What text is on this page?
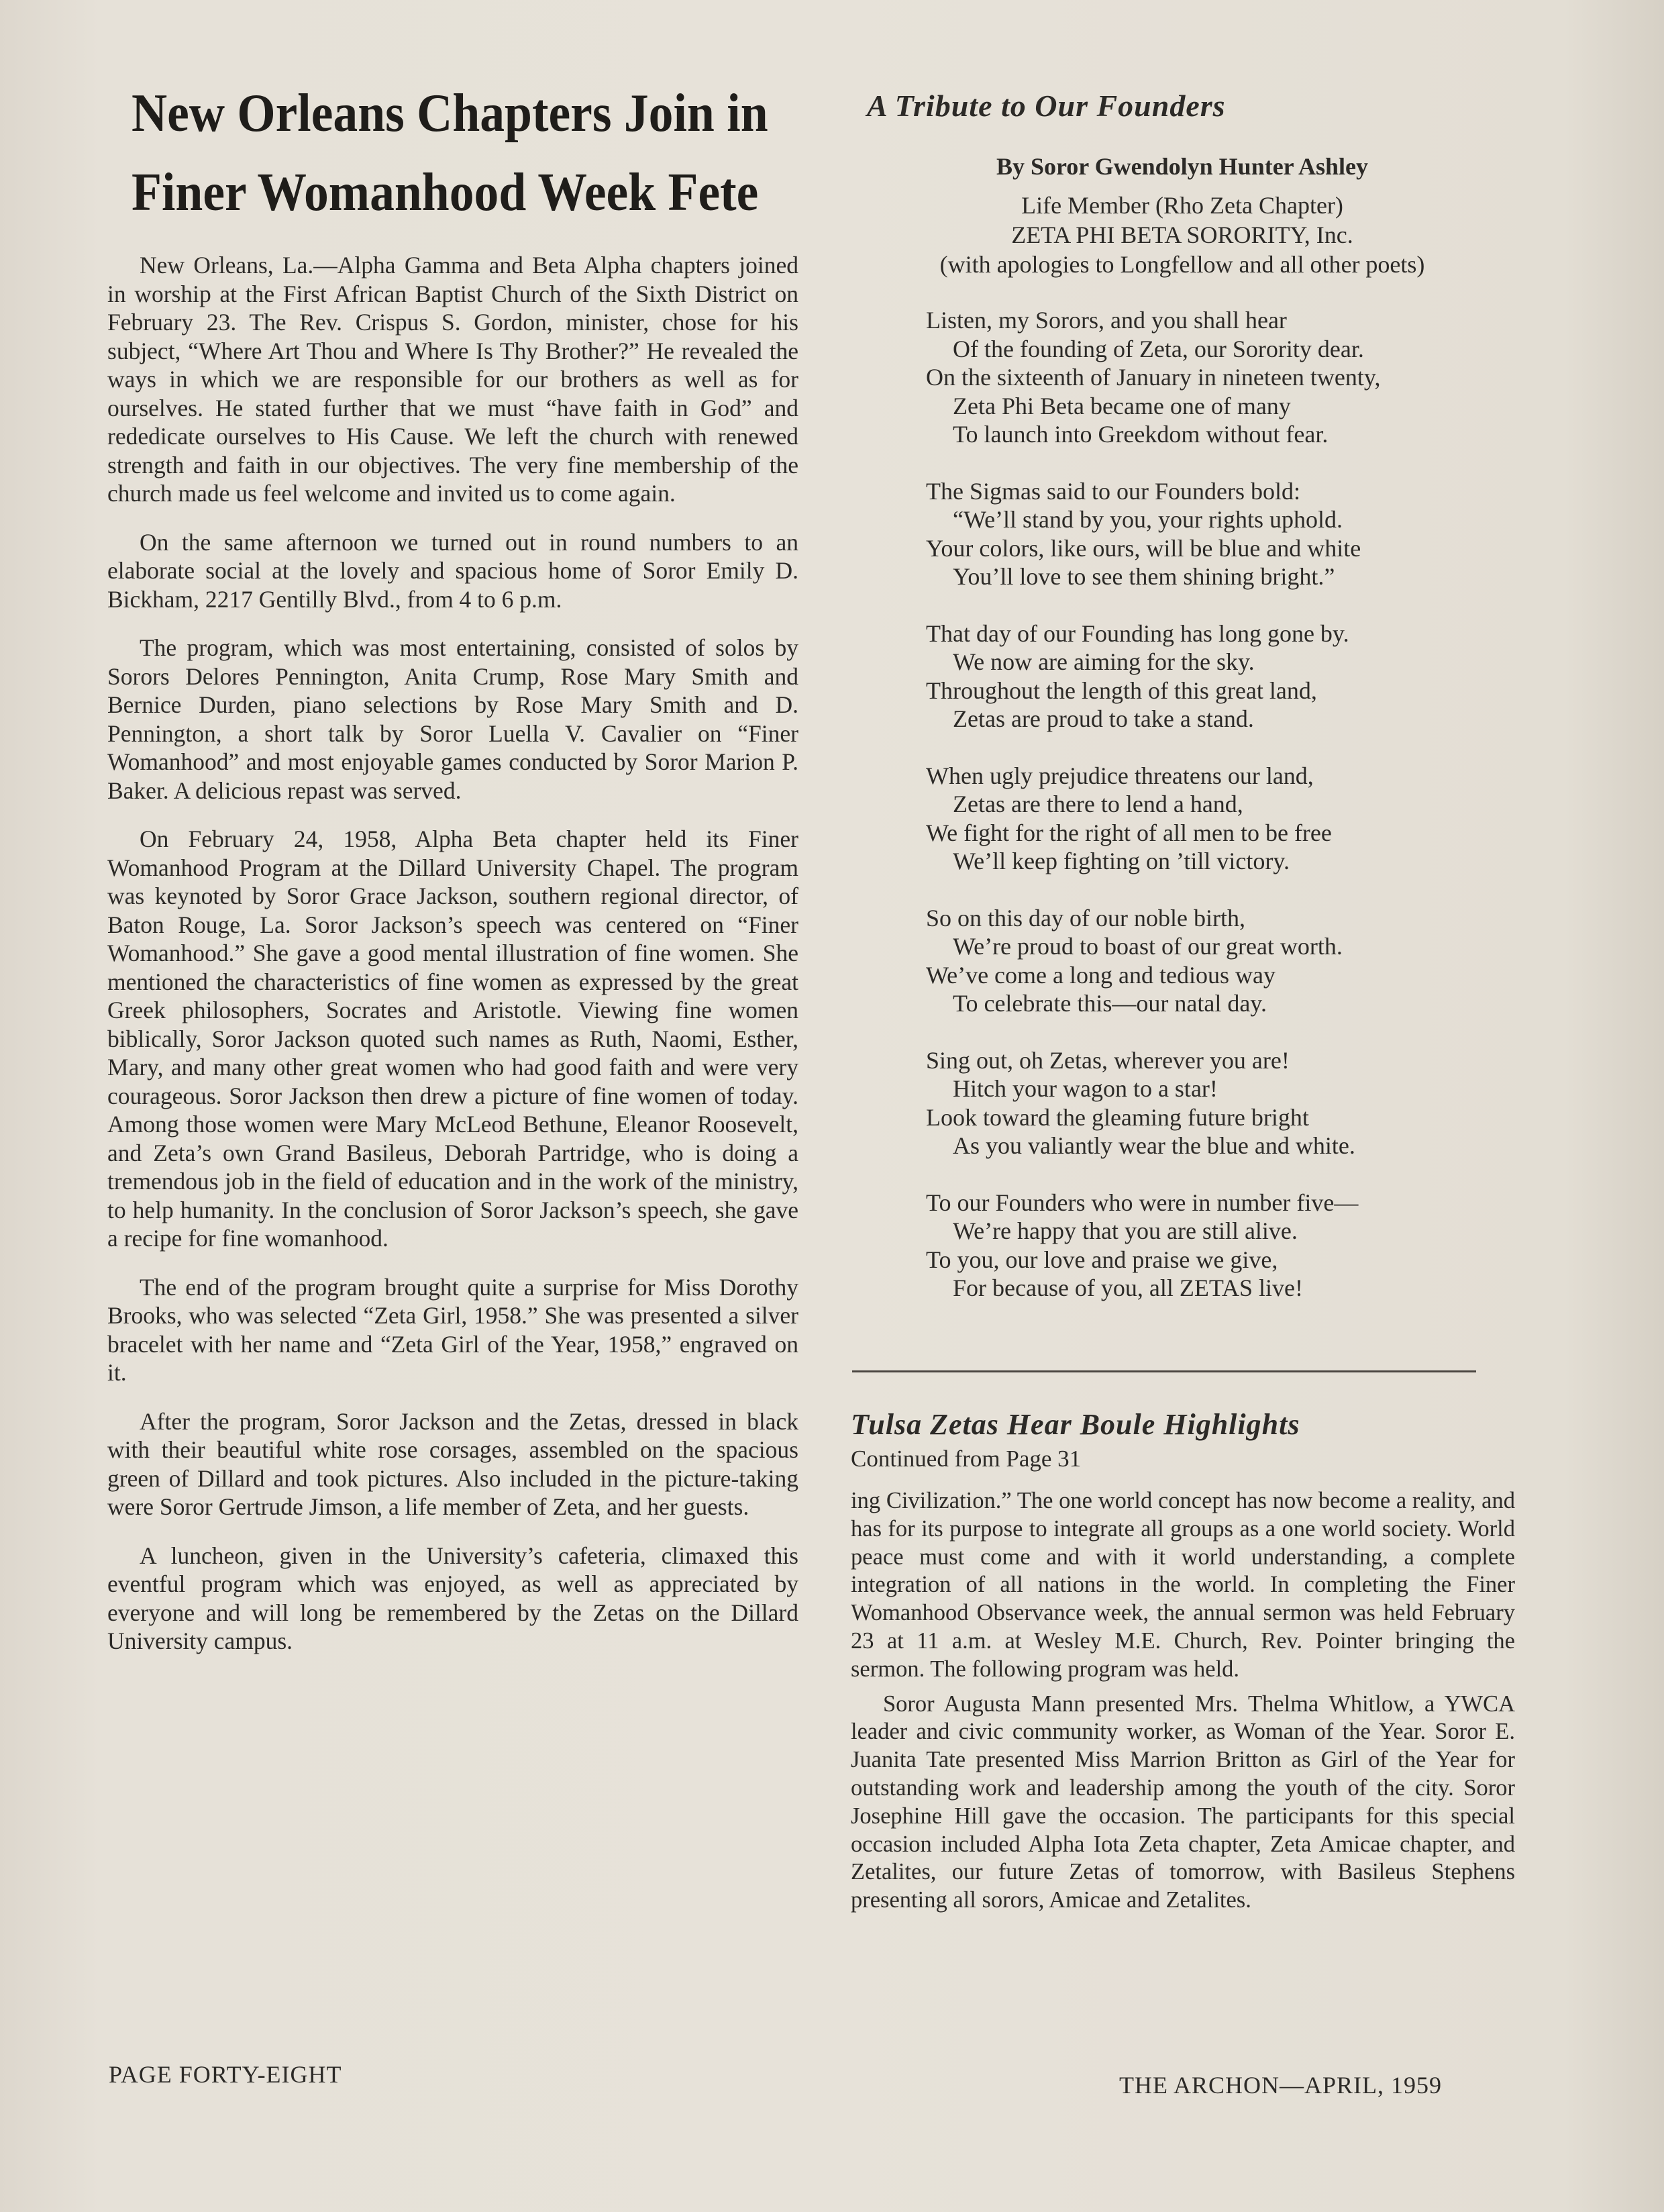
New Orleans Chapters Join in
Finer Womanhood Week Fete

New Orleans, La.—Alpha Gamma and Beta Alpha chapters joined in worship at the First African Baptist Church of the Sixth District on February 23. The Rev. Crispus S. Gordon, minister, chose for his subject, “Where Art Thou and Where Is Thy Brother?” He revealed the ways in which we are responsible for our brothers as well as for ourselves. He stated further that we must “have faith in God” and rededicate ourselves to His Cause. We left the church with renewed strength and faith in our objectives. The very fine membership of the church made us feel welcome and invited us to come again.

On the same afternoon we turned out in round numbers to an elaborate social at the lovely and spacious home of Soror Emily D. Bickham, 2217 Gentilly Blvd., from 4 to 6 p.m.

The program, which was most entertaining, consisted of solos by Sorors Delores Pennington, Anita Crump, Rose Mary Smith and Bernice Durden, piano selections by Rose Mary Smith and D. Pennington, a short talk by Soror Luella V. Cavalier on “Finer Womanhood” and most enjoyable games conducted by Soror Marion P. Baker. A delicious repast was served.

On February 24, 1958, Alpha Beta chapter held its Finer Womanhood Program at the Dillard University Chapel. The program was keynoted by Soror Grace Jackson, southern regional director, of Baton Rouge, La. Soror Jackson’s speech was centered on “Finer Womanhood.” She gave a good mental illustration of fine women. She mentioned the characteristics of fine women as expressed by the great Greek philosophers, Socrates and Aristotle. Viewing fine women biblically, Soror Jackson quoted such names as Ruth, Naomi, Esther, Mary, and many other great women who had good faith and were very courageous. Soror Jackson then drew a picture of fine women of today. Among those women were Mary McLeod Bethune, Eleanor Roosevelt, and Zeta’s own Grand Basileus, Deborah Partridge, who is doing a tremendous job in the field of education and in the work of the ministry, to help humanity. In the conclusion of Soror Jackson’s speech, she gave a recipe for fine womanhood.

The end of the program brought quite a surprise for Miss Dorothy Brooks, who was selected “Zeta Girl, 1958.” She was presented a silver bracelet with her name and “Zeta Girl of the Year, 1958,” engraved on it.

After the program, Soror Jackson and the Zetas, dressed in black with their beautiful white rose corsages, assembled on the spacious green of Dillard and took pictures. Also included in the picture-taking were Soror Gertrude Jimson, a life member of Zeta, and her guests.

A luncheon, given in the University’s cafeteria, climaxed this eventful program which was enjoyed, as well as appreciated by everyone and will long be remembered by the Zetas on the Dillard University campus.

A Tribute to Our Founders
By Soror Gwendolyn Hunter Ashley
Life Member (Rho Zeta Chapter)
ZETA PHI BETA SORORITY, Inc.
(with apologies to Longfellow and all other poets)
Listen, my Sorors, and you shall hear
Of the founding of Zeta, our Sorority dear.
On the sixteenth of January in nineteen twenty,
Zeta Phi Beta became one of many
To launch into Greekdom without fear.
The Sigmas said to our Founders bold:
“We’ll stand by you, your rights uphold.
Your colors, like ours, will be blue and white
You’ll love to see them shining bright.”
That day of our Founding has long gone by.
We now are aiming for the sky.
Throughout the length of this great land,
Zetas are proud to take a stand.
When ugly prejudice threatens our land,
Zetas are there to lend a hand,
We fight for the right of all men to be free
We’ll keep fighting on ’till victory.
So on this day of our noble birth,
We’re proud to boast of our great worth.
We’ve come a long and tedious way
To celebrate this—our natal day.
Sing out, oh Zetas, wherever you are!
Hitch your wagon to a star!
Look toward the gleaming future bright
As you valiantly wear the blue and white.
To our Founders who were in number five—
We’re happy that you are still alive.
To you, our love and praise we give,
For because of you, all ZETAS live!
Tulsa Zetas Hear Boule Highlights
Continued from Page 31

ing Civilization.” The one world concept has now become a reality, and has for its purpose to integrate all groups as a one world society. World peace must come and with it world understanding, a complete integration of all nations in the world. In completing the Finer Womanhood Observance week, the annual sermon was held February 23 at 11 a.m. at Wesley M.E. Church, Rev. Pointer bringing the sermon. The following program was held.

Soror Augusta Mann presented Mrs. Thelma Whitlow, a YWCA leader and civic community worker, as Woman of the Year. Soror E. Juanita Tate presented Miss Marrion Britton as Girl of the Year for outstanding work and leadership among the youth of the city. Soror Josephine Hill gave the occasion. The participants for this special occasion included Alpha Iota Zeta chapter, Zeta Amicae chapter, and Zetalites, our future Zetas of tomorrow, with Basileus Stephens presenting all sorors, Amicae and Zetalites.

PAGE FORTY-EIGHT	THE ARCHON—APRIL, 1959
